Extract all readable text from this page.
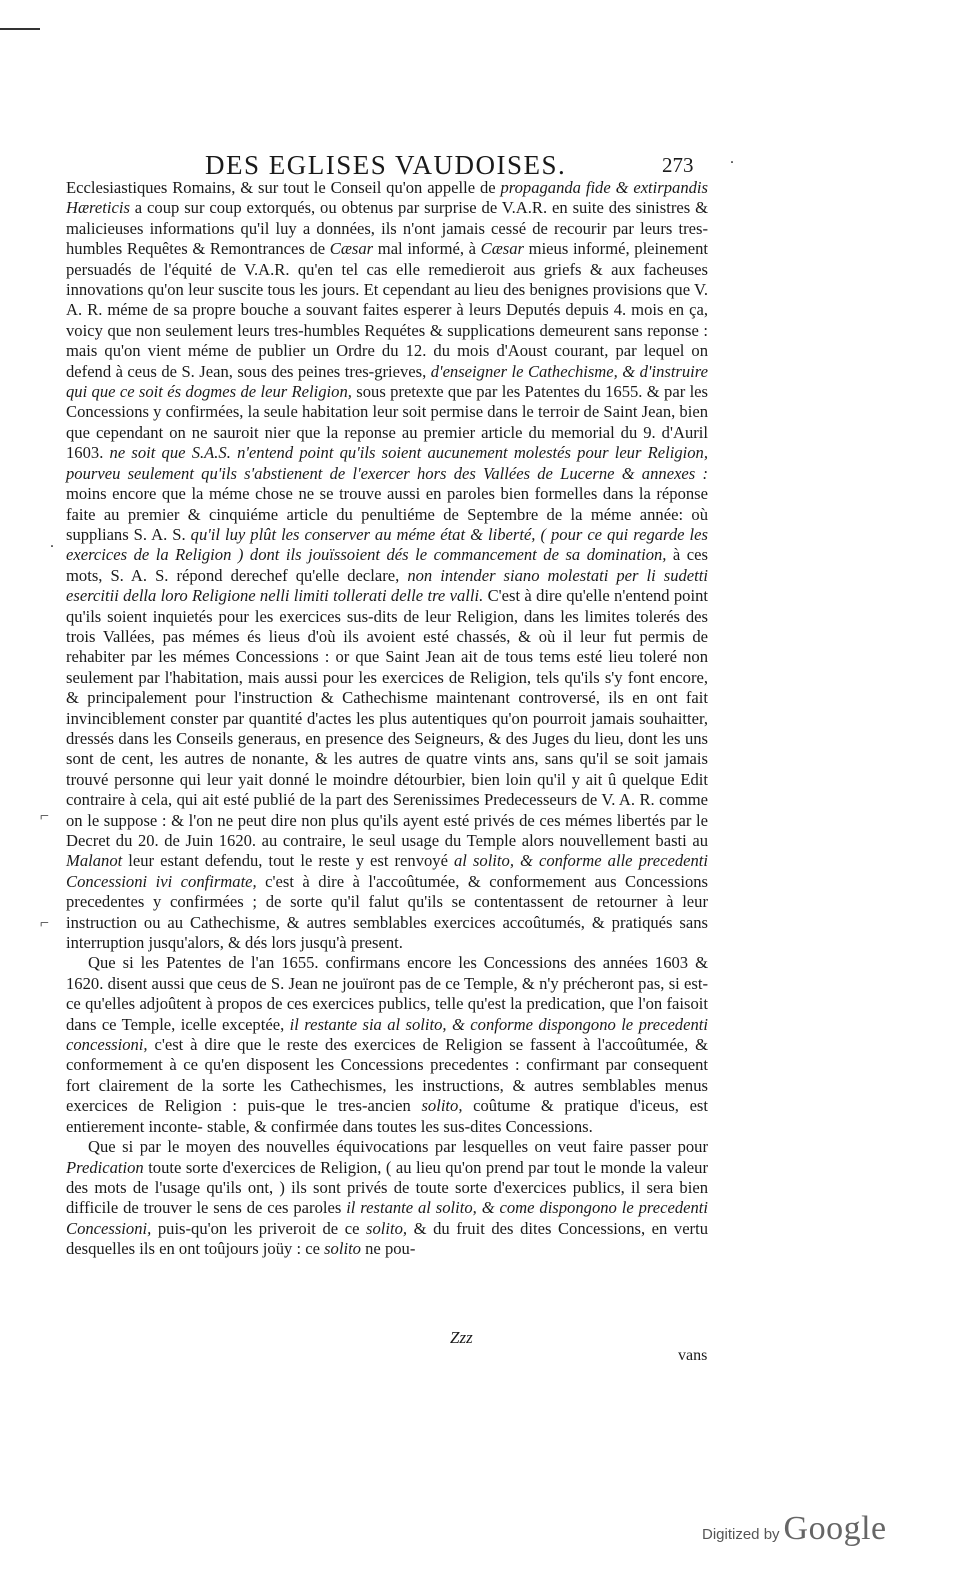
DES EGLISES VAUDOISES.	273 .
.
⌐
⌐

Ecclesiastiques Romains, & sur tout le Conseil qu'on appelle de propaganda fide & extirpandis Hæreticis a coup sur coup extorqués, ou obtenus par surprise de V.A.R. en suite des sinistres & malicieuses informations qu'il luy a données, ils n'ont jamais cessé de recourir par leurs tres-humbles Requêtes & Remontrances de Cæsar mal informé, à Cæsar mieus informé, pleinement persuadés de l'équité de V.A.R. qu'en tel cas elle remedieroit aus griefs & aux facheuses innovations qu'on leur suscite tous les jours. Et cependant au lieu des benignes provisions que V. A. R. méme de sa propre bouche a souvant faites esperer à leurs Deputés depuis 4. mois en ça, voicy que non seulement leurs tres-humbles Requétes & supplications demeurent sans reponse : mais qu'on vient méme de publier un Ordre du 12. du mois d'Aoust courant, par lequel on defend à ceus de S. Jean, sous des peines tres-grieves, d'enseigner le Cathechisme, & d'instruire qui que ce soit és dogmes de leur Religion, sous pretexte que par les Patentes du 1655. & par les Concessions y confirmées, la seule habitation leur soit permise dans le terroir de Saint Jean, bien que cependant on ne sauroit nier que la reponse au premier article du memorial du 9. d'Auril 1603. ne soit que S.A.S. n'entend point qu'ils soient aucunement molestés pour leur Religion, pourveu seulement qu'ils s'abstienent de l'exercer hors des Vallées de Lucerne & annexes : moins encore que la méme chose ne se trouve aussi en paroles bien formelles dans la réponse faite au premier & cinquiéme article du penultiéme de Septembre de la méme année: où supplians S. A. S. qu'il luy plût les conserver au méme état & liberté, ( pour ce qui regarde les exercices de la Religion ) dont ils jouïssoient dés le commancement de sa domination, à ces mots, S. A. S. répond derechef qu'elle declare, non intender siano molestati per li sudetti esercitii della loro Religione nelli limiti tollerati delle tre valli. C'est à dire qu'elle n'entend point qu'ils soient inquietés pour les exercices sus-dits de leur Religion, dans les limites tolerés des trois Vallées, pas mémes és lieus d'où ils avoient esté chassés, & où il leur fut permis de rehabiter par les mémes Concessions : or que Saint Jean ait de tous tems esté lieu toleré non seulement par l'habitation, mais aussi pour les exercices de Religion, tels qu'ils s'y font encore, & principalement pour l'instruction & Cathechisme maintenant controversé, ils en ont fait invinciblement conster par quantité d'actes les plus autentiques qu'on pourroit jamais souhaitter, dressés dans les Conseils generaus, en presence des Seigneurs, & des Juges du lieu, dont les uns sont de cent, les autres de nonante, & les autres de quatre vints ans, sans qu'il se soit jamais trouvé personne qui leur yait donné le moindre détourbier, bien loin qu'il y ait û quelque Edit contraire à cela, qui ait esté publié de la part des Serenissimes Predecesseurs de V. A. R. comme on le suppose : & l'on ne peut dire non plus qu'ils ayent esté privés de ces mémes libertés par le Decret du 20. de Juin 1620. au contraire, le seul usage du Temple alors nouvellement basti au Malanot leur estant defendu, tout le reste y est renvoyé al solito, & conforme alle precedenti Concessioni ivi confirmate, c'est à dire à l'accoûtumée, & conformement aus Concessions precedentes y confirmées ; de sorte qu'il falut qu'ils se contentassent de retourner à leur instruction ou au Cathechisme, & autres semblables exercices accoûtumés, & pratiqués sans interruption jusqu'alors, & dés lors jusqu'à present.

Que si les Patentes de l'an 1655. confirmans encore les Concessions des années 1603 & 1620. disent aussi que ceus de S. Jean ne jouïront pas de ce Temple, & n'y précheront pas, si est-ce qu'elles adjoûtent à propos de ces exercices publics, telle qu'est la predication, que l'on faisoit dans ce Temple, icelle exceptée, il restante sia al solito, & conforme dispongono le precedenti concessioni, c'est à dire que le reste des exercices de Religion se fassent à l'accoûtumée, & conformement à ce qu'en disposent les Concessions precedentes : confirmant par consequent fort clairement de la sorte les Cathechismes, les instructions, & autres semblables menus exercices de Religion : puis-que le tres-ancien solito, coûtume & pratique d'iceus, est entierement inconte- stable, & confirmée dans toutes les sus-dites Concessions.

Que si par le moyen des nouvelles équivocations par lesquelles on veut faire passer pour Predication toute sorte d'exercices de Religion, ( au lieu qu'on prend par tout le monde la valeur des mots de l'usage qu'ils ont, ) ils sont privés de toute sorte d'exercices publics, il sera bien difficile de trouver le sens de ces paroles il restante al solito, & come dispongono le precedenti Concessioni, puis-qu'on les priveroit de ce solito, & du fruit des dites Concessions, en vertu desquelles ils en ont toûjours joüy : ce solito ne pou-

Zzz
vans
Digitized by Google
